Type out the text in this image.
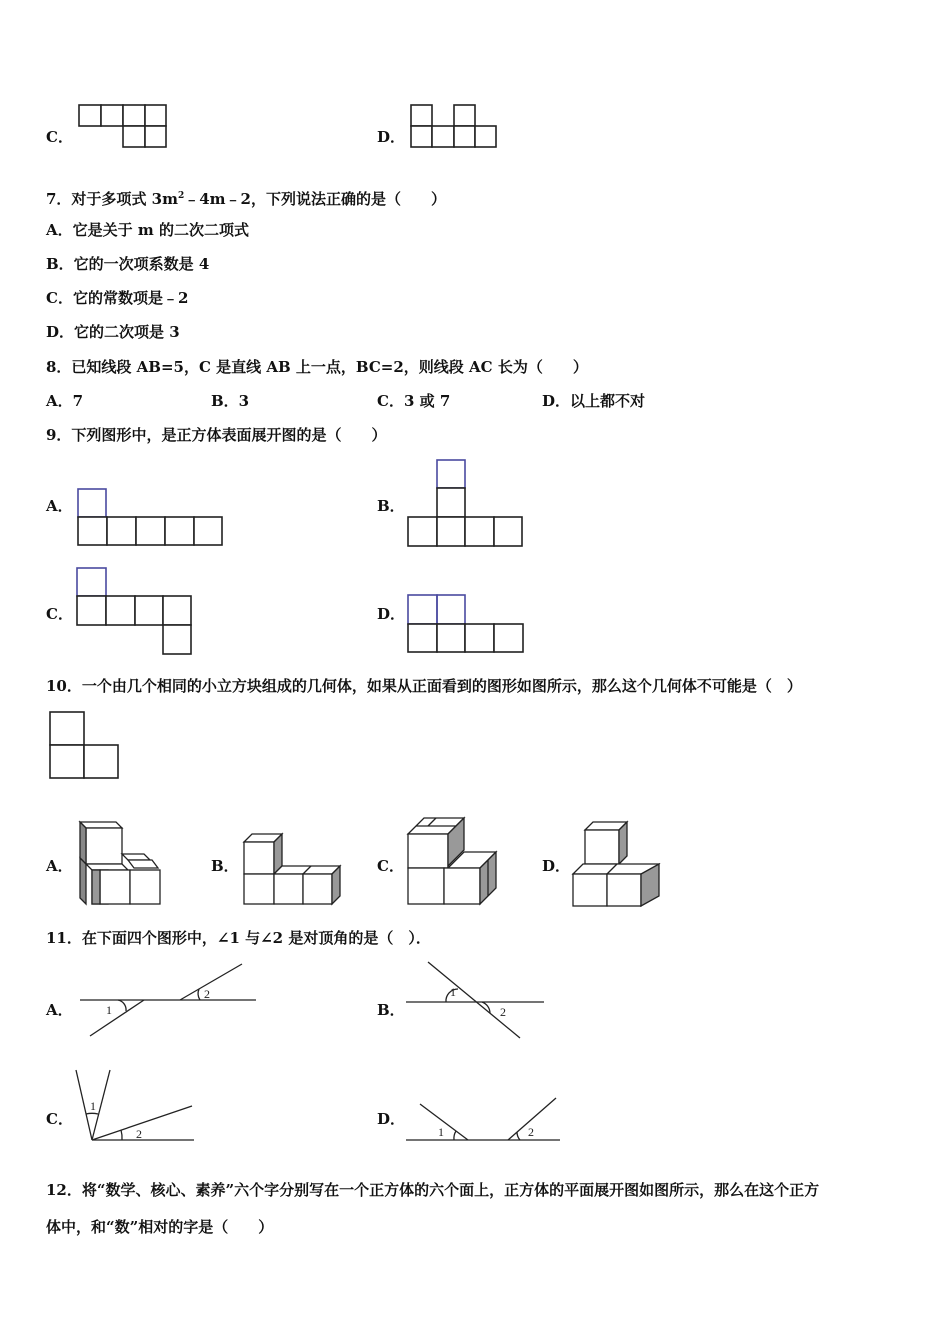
C．	D．
7．对于多项式 $3m^2﹣4m﹣2$，下列说法正确的是（　　）
A．它是关于 m 的二次二项式
B．它的一次项系数是 4
C．它的常数项是﹣2
D．它的二次项是 3
8．已知线段 AB=5，C 是直线 AB 上一点，BC=2，则线段 AC 长为（　　）
A．7	B．3	C．3 或 7	D．以上都不对
9．下列图形中，是正方体表面展开图的是（　　）
A．	B．
C．	D．
10．一个由几个相同的小立方块组成的几何体，如果从正面看到的图形如图所示，那么这个几何体不可能是（　）
A．	B．	C．	D．
11．在下面四个图形中，∠1 与∠2 是对顶角的是（　）．
A．	1
2
B．
1
2
C．
1
2
D．
1	2
12．将“数学、核心、素养”六个字分别写在一个正方体的六个面上，正方体的平面展开图如图所示，那么在这个正方
体中，和“数”相对的字是（　　）
